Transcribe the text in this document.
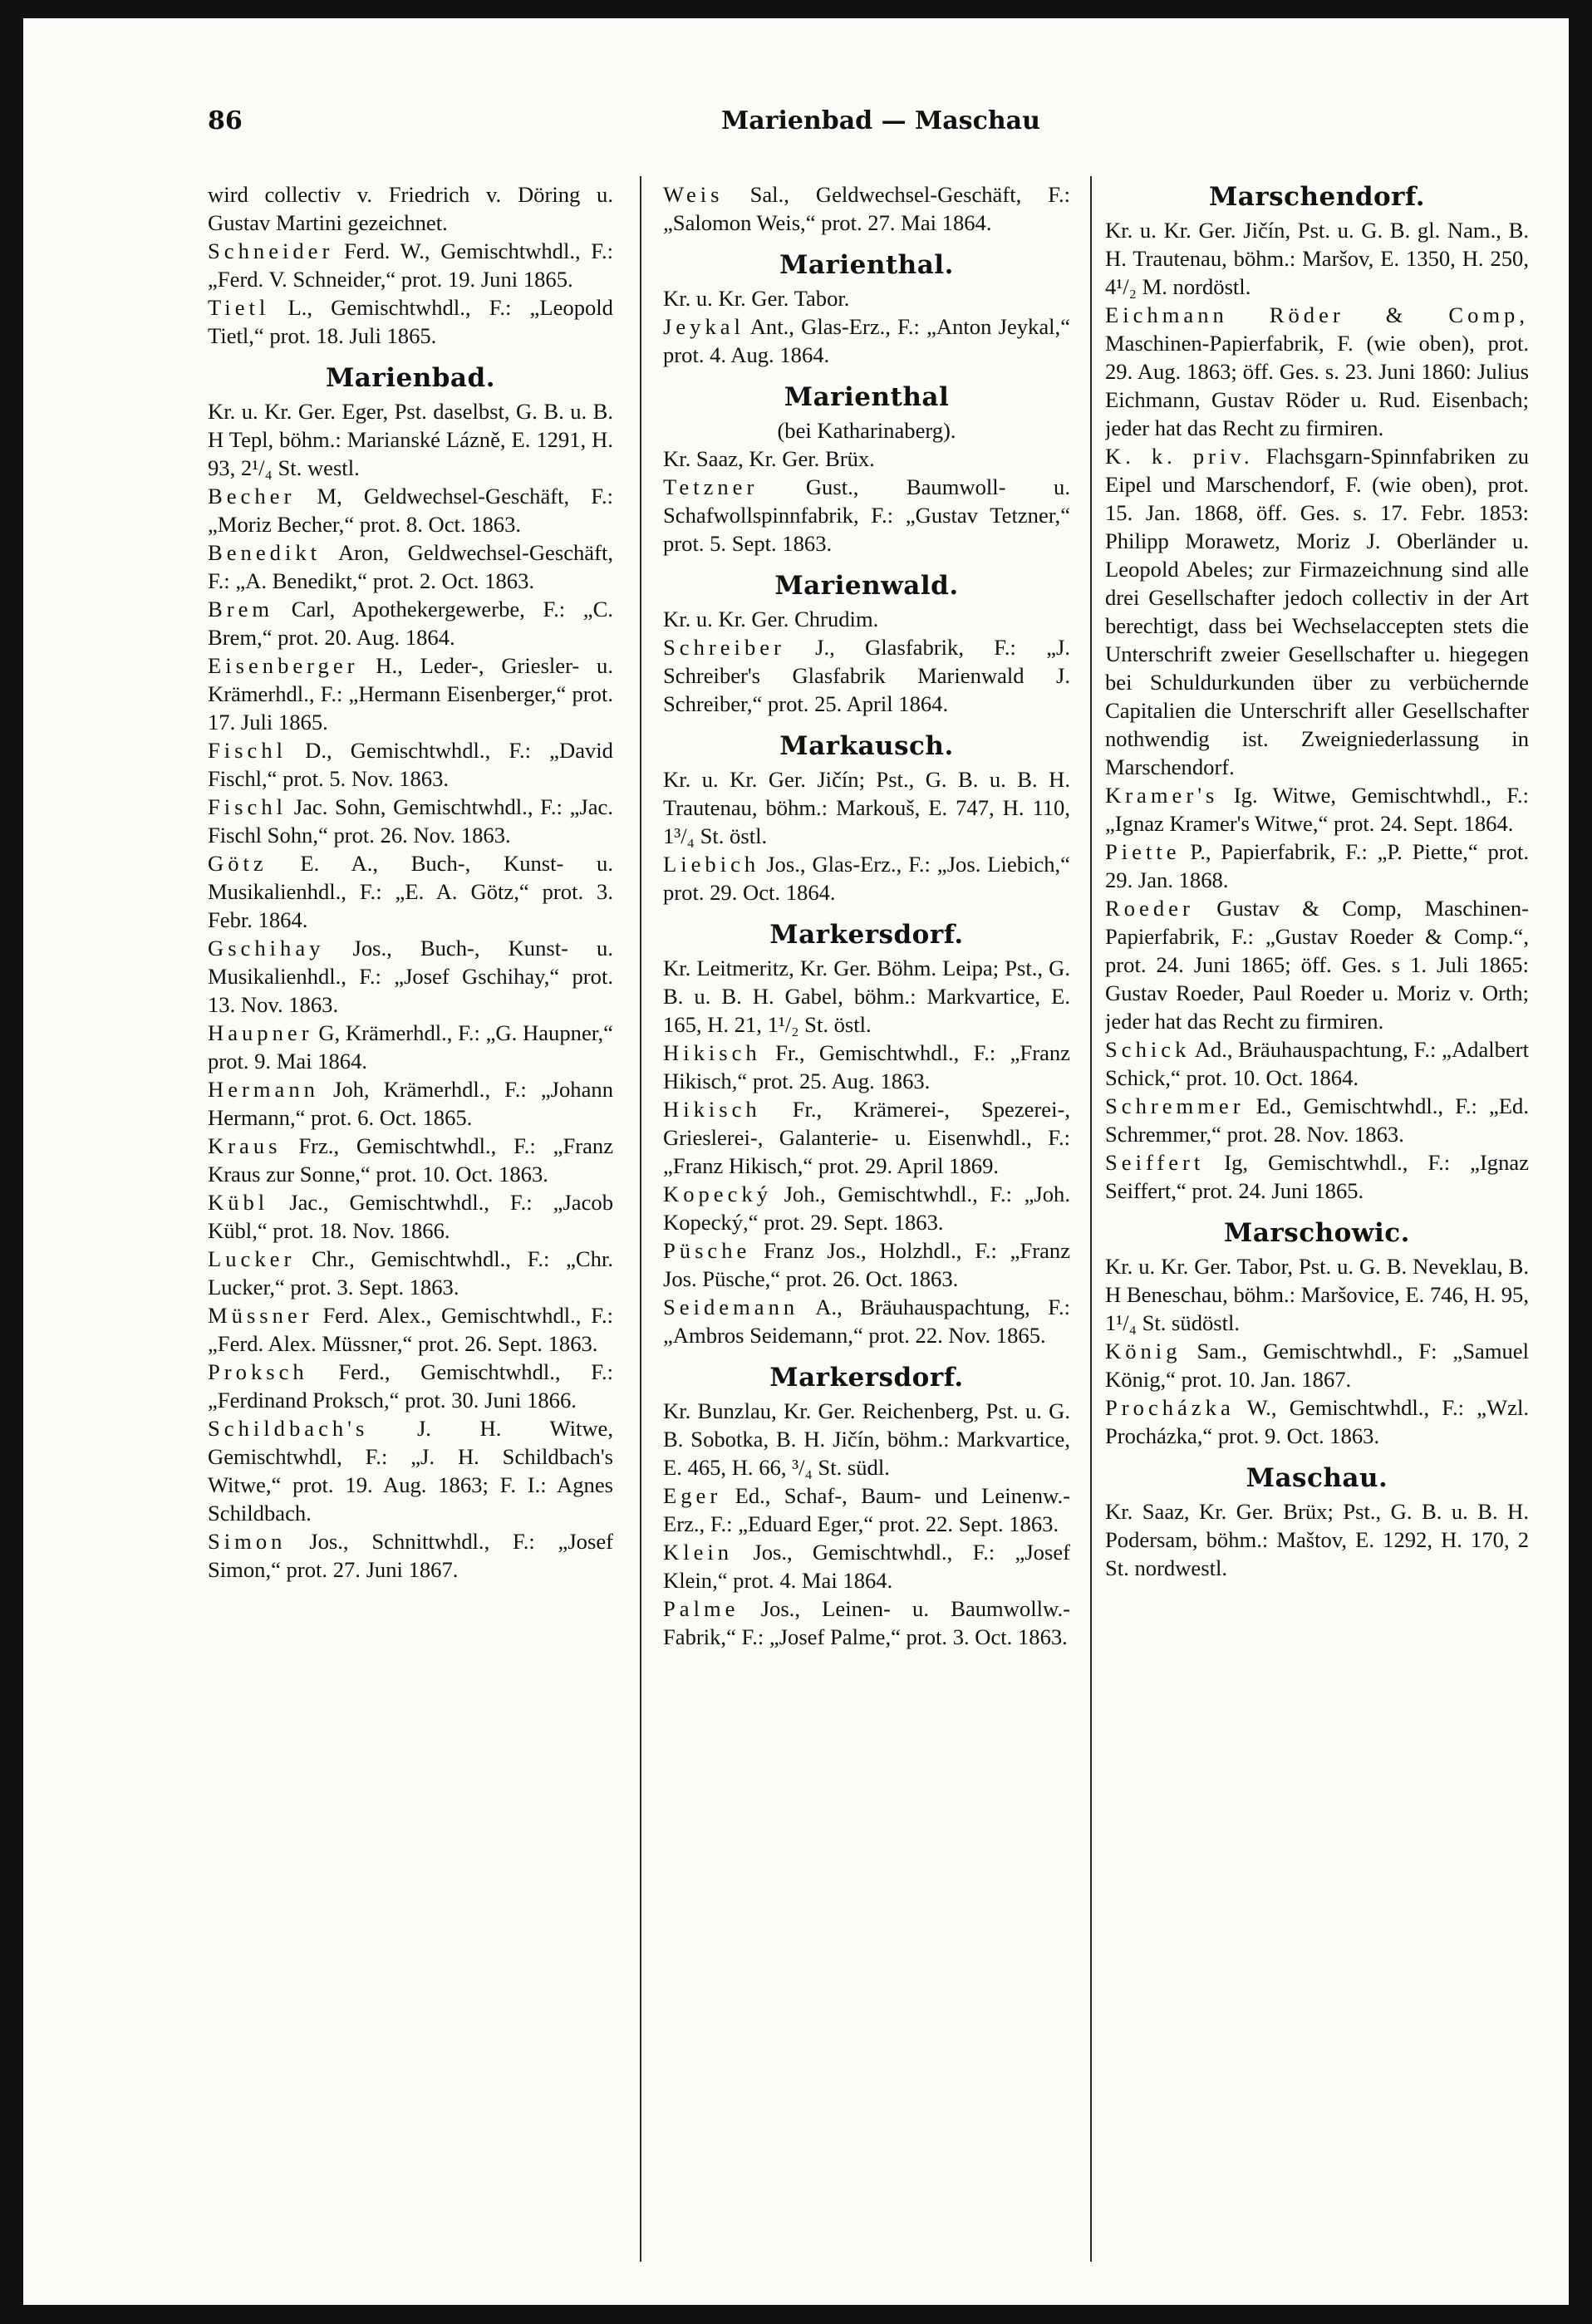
86	Marienbad — Maschau
wird collectiv v. Friedrich v. Döring u. Gustav Martini gezeichnet.
Schneider Ferd. W., Gemischtwhdl., F.: „Ferd. V. Schneider,“ prot. 19. Juni 1865.
Tietl L., Gemischtwhdl., F.: „Leopold Tietl,“ prot. 18. Juli 1865.
Marienbad.
Kr. u. Kr. Ger. Eger, Pst. daselbst, G. B. u. B. H Tepl, böhm.: Marianské Lázně, E. 1291, H. 93, 2¹/₄ St. westl.
Becher M, Geldwechsel-Geschäft, F.: „Moriz Becher,“ prot. 8. Oct. 1863.
Benedikt Aron, Geldwechsel-Geschäft, F.: „A. Benedikt,“ prot. 2. Oct. 1863.
Brem Carl, Apothekergewerbe, F.: „C. Brem,“ prot. 20. Aug. 1864.
Eisenberger H., Leder-, Griesler- u. Krämerhdl., F.: „Hermann Eisenberger,“ prot. 17. Juli 1865.
Fischl D., Gemischtwhdl., F.: „David Fischl,“ prot. 5. Nov. 1863.
Fischl Jac. Sohn, Gemischtwhdl., F.: „Jac. Fischl Sohn,“ prot. 26. Nov. 1863.
Götz E. A., Buch-, Kunst- u. Musikalienhdl., F.: „E. A. Götz,“ prot. 3. Febr. 1864.
Gschihay Jos., Buch-, Kunst- u. Musikalienhdl., F.: „Josef Gschihay,“ prot. 13. Nov. 1863.
Haupner G, Krämerhdl., F.: „G. Haupner,“ prot. 9. Mai 1864.
Hermann Joh, Krämerhdl., F.: „Johann Hermann,“ prot. 6. Oct. 1865.
Kraus Frz., Gemischtwhdl., F.: „Franz Kraus zur Sonne,“ prot. 10. Oct. 1863.
Kübl Jac., Gemischtwhdl., F.: „Jacob Kübl,“ prot. 18. Nov. 1866.
Lucker Chr., Gemischtwhdl., F.: „Chr. Lucker,“ prot. 3. Sept. 1863.
Müssner Ferd. Alex., Gemischtwhdl., F.: „Ferd. Alex. Müssner,“ prot. 26. Sept. 1863.
Proksch Ferd., Gemischtwhdl., F.: „Ferdinand Proksch,“ prot. 30. Juni 1866.
Schildbach's J. H. Witwe, Gemischtwhdl, F.: „J. H. Schildbach's Witwe,“ prot. 19. Aug. 1863; F. I.: Agnes Schildbach.
Simon Jos., Schnittwhdl., F.: „Josef Simon,“ prot. 27. Juni 1867.
Weis Sal., Geldwechsel-Geschäft, F.: „Salomon Weis,“ prot. 27. Mai 1864.
Marienthal.
Kr. u. Kr. Ger. Tabor.
Jeykal Ant., Glas-Erz., F.: „Anton Jeykal,“ prot. 4. Aug. 1864.
Marienthal
(bei Katharinaberg).
Kr. Saaz, Kr. Ger. Brüx.
Tetzner Gust., Baumwoll- u. Schafwollspinnfabrik, F.: „Gustav Tetzner,“ prot. 5. Sept. 1863.
Marienwald.
Kr. u. Kr. Ger. Chrudim.
Schreiber J., Glasfabrik, F.: „J. Schreiber's Glasfabrik Marienwald J. Schreiber,“ prot. 25. April 1864.
Markausch.
Kr. u. Kr. Ger. Jičín; Pst., G. B. u. B. H. Trautenau, böhm.: Markouš, E. 747, H. 110, 1³/₄ St. östl.
Liebich Jos., Glas-Erz., F.: „Jos. Liebich,“ prot. 29. Oct. 1864.
Markersdorf.
Kr. Leitmeritz, Kr. Ger. Böhm. Leipa; Pst., G. B. u. B. H. Gabel, böhm.: Markvartice, E. 165, H. 21, 1¹/₂ St. östl.
Hikisch Fr., Gemischtwhdl., F.: „Franz Hikisch,“ prot. 25. Aug. 1863.
Hikisch Fr., Krämerei-, Spezerei-, Grieslerei-, Galanterie- u. Eisenwhdl., F.: „Franz Hikisch,“ prot. 29. April 1869.
Kopecký Joh., Gemischtwhdl., F.: „Joh. Kopecký,“ prot. 29. Sept. 1863.
Püsche Franz Jos., Holzhdl., F.: „Franz Jos. Püsche,“ prot. 26. Oct. 1863.
Seidemann A., Bräuhauspachtung, F.: „Ambros Seidemann,“ prot. 22. Nov. 1865.
Markersdorf.
Kr. Bunzlau, Kr. Ger. Reichenberg, Pst. u. G. B. Sobotka, B. H. Jičín, böhm.: Markvartice, E. 465, H. 66, ³/₄ St. südl.
Eger Ed., Schaf-, Baum- und Leinenw.-Erz., F.: „Eduard Eger,“ prot. 22. Sept. 1863.
Klein Jos., Gemischtwhdl., F.: „Josef Klein,“ prot. 4. Mai 1864.
Palme Jos., Leinen- u. Baumwollw.-Fabrik,“ F.: „Josef Palme,“ prot. 3. Oct. 1863.
Marschendorf.
Kr. u. Kr. Ger. Jičín, Pst. u. G. B. gl. Nam., B. H. Trautenau, böhm.: Maršov, E. 1350, H. 250, 4¹/₂ M. nordöstl.
Eichmann Röder & Comp, Maschinen-Papierfabrik, F. (wie oben), prot. 29. Aug. 1863; öff. Ges. s. 23. Juni 1860: Julius Eichmann, Gustav Röder u. Rud. Eisenbach; jeder hat das Recht zu firmiren.
K. k. priv. Flachsgarn-Spinnfabriken zu Eipel und Marschendorf, F. (wie oben), prot. 15. Jan. 1868, öff. Ges. s. 17. Febr. 1853: Philipp Morawetz, Moriz J. Oberländer u. Leopold Abeles; zur Firmazeichnung sind alle drei Gesellschafter jedoch collectiv in der Art berechtigt, dass bei Wechselaccepten stets die Unterschrift zweier Gesellschafter u. hiegegen bei Schuldurkunden über zu verbüchernde Capitalien die Unterschrift aller Gesellschafter nothwendig ist. Zweigniederlassung in Marschendorf.
Kramer's Ig. Witwe, Gemischtwhdl., F.: „Ignaz Kramer's Witwe,“ prot. 24. Sept. 1864.
Piette P., Papierfabrik, F.: „P. Piette,“ prot. 29. Jan. 1868.
Roeder Gustav & Comp, Maschinen-Papierfabrik, F.: „Gustav Roeder & Comp.“, prot. 24. Juni 1865; öff. Ges. s 1. Juli 1865: Gustav Roeder, Paul Roeder u. Moriz v. Orth; jeder hat das Recht zu firmiren.
Schick Ad., Bräuhauspachtung, F.: „Adalbert Schick,“ prot. 10. Oct. 1864.
Schremmer Ed., Gemischtwhdl., F.: „Ed. Schremmer,“ prot. 28. Nov. 1863.
Seiffert Ig, Gemischtwhdl., F.: „Ignaz Seiffert,“ prot. 24. Juni 1865.
Marschowic.
Kr. u. Kr. Ger. Tabor, Pst. u. G. B. Neveklau, B. H Beneschau, böhm.: Maršovice, E. 746, H. 95, 1¹/₄ St. südöstl.
König Sam., Gemischtwhdl., F: „Samuel König,“ prot. 10. Jan. 1867.
Procházka W., Gemischtwhdl., F.: „Wzl. Procházka,“ prot. 9. Oct. 1863.
Maschau.
Kr. Saaz, Kr. Ger. Brüx; Pst., G. B. u. B. H. Podersam, böhm.: Maštov, E. 1292, H. 170, 2 St. nordwestl.
